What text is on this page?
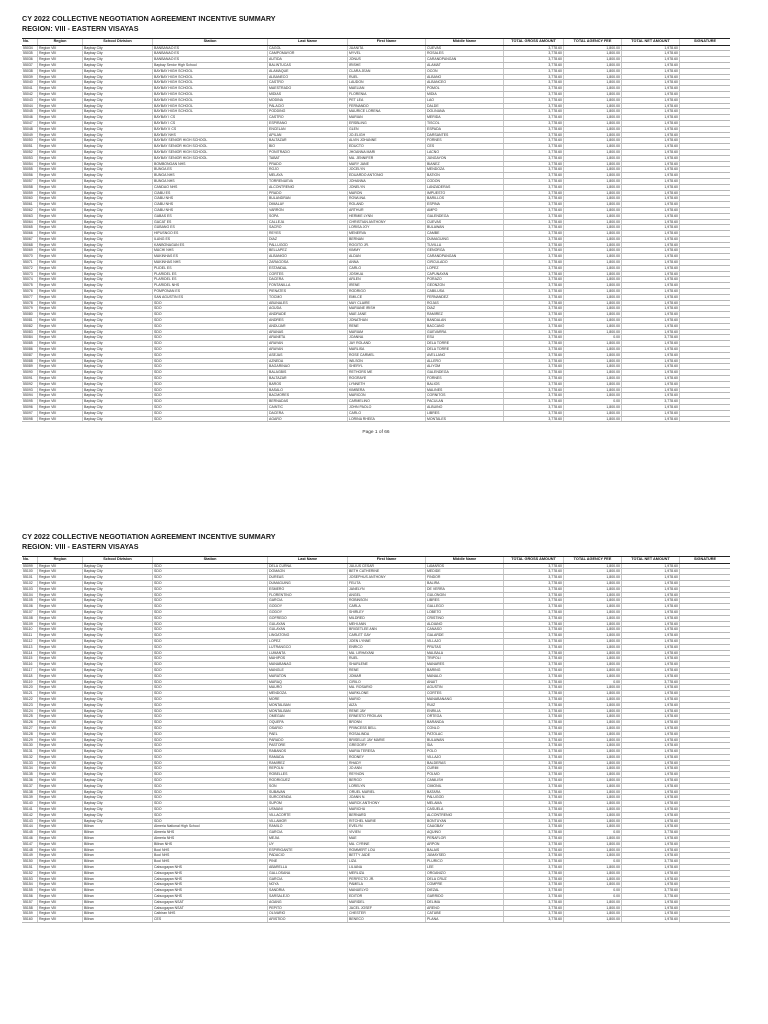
CY 2022 COLLECTIVE NEGOTIATION AGREEMENT INCENTIVE SUMMARY
REGION: VIII - EASTERN VISAYAS
No.	Region	School Division	Station	Last Name	First Name	Middle Name	TOTAL GROSS AMOUNT	TOTAL AGENCY FEE	TOTAL NET AMOUNT	SIGNATURE
55034	Region VIII	Baybay City	BANBANAO ES	CAGOL	JUANITA	CUEVAS	3,778.60	1,800.00	1,978.60
55035	Region VIII	Baybay City	BANBANAO ES	CAMPOMAYOR	MYVEL	ROSALES	3,778.60	1,800.00	1,978.60
55036	Region VIII	Baybay City	BANBANAO ES	AUTIDA	JONUS	CARANDPANGAN	3,778.60	1,800.00	1,978.60
55037	Region VIII	Baybay City	Baybay Senior High School	BALINTUCAS	IRISHE	ALAMAT	3,778.60	1,800.00	1,978.60
55038	Region VIII	Baybay City	BAYBAY HIGH SCHOOL	ALAMAQUE	CLARA JEAN	OCON	3,778.60	1,800.00	1,978.60
55039	Region VIII	Baybay City	BAYBAY HIGH SCHOOL	ALBANECO	RUEL	ALBANO	3,778.60	1,800.00	1,978.60
55040	Region VIII	Baybay City	BAYBAY HIGH SCHOOL	CASTRO	LAUDON	ALBANCEO	3,778.60	1,800.00	1,978.60
55041	Region VIII	Baybay City	BAYBAY HIGH SCHOOL	MAESTRADO	MAELIAN	POMOL	3,778.60	1,800.00	1,978.60
55042	Region VIII	Baybay City	BAYBAY HIGH SCHOOL	MIDIAS	FLORENIA	MIDIA	3,778.60	1,800.00	1,978.60
55043	Region VIII	Baybay City	BAYBAY HIGH SCHOOL	MODINA	PET LEA	LAO	3,778.60	1,800.00	1,978.60
55044	Region VIII	Baybay City	BAYBAY HIGH SCHOOL	PALACIO	FERNANDO	DALDE	3,778.60	1,800.00	1,978.60
55045	Region VIII	Baybay City	BAYBAY HIGH SCHOOL	PODDING	MAURICE LORENA	DOLINANA	3,778.60	1,800.00	1,978.60
55046	Region VIII	Baybay City	BAYBAY I CS	CASTRO	MARIAN	MERIDA	3,778.60	1,800.00	1,978.60
55047	Region VIII	Baybay City	BAYBAY I CS	ESPIRANO	ERSBLING	TISCOL	3,778.60	1,800.00	1,978.60
55048	Region VIII	Baybay City	BAYBAY II CS	ENCELAN	GLEN	ESPADA	3,778.60	1,800.00	1,978.60
55049	Region VIII	Baybay City	BAYBAY NHS	APILAN	JO-ELIGH	DARSANTES	3,778.60	1,800.00	1,978.60
55050	Region VIII	Baybay City	BAYBAY SENIOR HIGH SCHOOL	BALTAZAR	ALVIN JOHANNE	FORNES	3,778.60	1,800.00	1,978.60
55051	Region VIII	Baybay City	BAYBAY SENIOR HIGH SCHOOL	BIO	EDUCTO	CES	3,778.60	1,800.00	1,978.60
55052	Region VIII	Baybay City	BAYBAY SENIOR HIGH SCHOOL	PONITRADO	JHOANNA MARI	LACNO	3,778.60	1,800.00	1,978.60
55053	Region VIII	Baybay City	BAYBAY SENIOR HIGH SCHOOL	TABAT	MA. JENNIFER	JUNGAYON	3,778.60	1,800.00	1,978.60
55054	Region VIII	Baybay City	BOMBONGAN NHS	PRADO	MARY JANE	BIANEZ	3,778.60	1,800.00	1,978.60
55055	Region VIII	Baybay City	BUNGA ES	ROJO	JOCELYN	MENDOZA	3,778.60	1,800.00	1,978.60
55056	Region VIII	Baybay City	BUNGA NHS	MELAYA	EDUARDO ANTONIO	BATION	3,778.60	1,800.00	1,978.60
55057	Region VIII	Baybay City	BUNGA NHS	TORRENUEVA	JOHANNA	CODON	3,778.60	1,800.00	1,978.60
55058	Region VIII	Baybay City	CANDAO NHS	ALCONTRENIO	JONELYN	LANZADERAS	3,778.60	1,800.00	1,978.60
55059	Region VIII	Baybay City	CIABU ES	PRADO	MARON	IMPUESTO	3,778.60	1,800.00	1,978.60
55060	Region VIII	Baybay City	CIABU NHS	BULANDRAN	ROWLINA	BARILLOS	3,778.60	1,800.00	1,978.60
55061	Region VIII	Baybay City	CIABU NHS	DIMALAY	ROLAND	ESPINA	3,778.60	1,800.00	1,978.60
55062	Region VIII	Baybay City	CIABU NHS	VARRON	ARTHUR	AMPO	3,778.60	1,800.00	1,978.60
55063	Region VIII	Baybay City	GABAS ES	SOPA	HERMIE LYNN	GALENDEGA	3,778.60	1,800.00	1,978.60
55064	Region VIII	Baybay City	GACAT ES	CALLEJA	CHRISTIAN ANTHONY	CUEVAS	3,778.60	1,800.00	1,978.60
55065	Region VIII	Baybay City	GUBANG ES	SACRO	LORISA JOY	BULAWAN	3,778.60	1,800.00	1,978.60
55066	Region VIII	Baybay City	HIPUSNGO ES	REYES	MENERVA	CAMBE	3,778.60	1,800.00	1,978.60
55067	Region VIII	Baybay City	ILANG ES	DIAZ	BERNAN	DUMAGUING	3,778.60	1,800.00	1,978.60
55068	Region VIII	Baybay City	KANBONAGAN ES	PALLUGOD	ROGITO JR.	TUVILLA	3,778.60	1,800.00	1,978.60
55069	Region VIII	Baybay City	MACHI NHS	BELLAPEZ	KIMMY	GENORGA	3,778.60	1,800.00	1,978.60
55070	Region VIII	Baybay City	MAKINHAS ES	ALBANIGO	ALDAN	CARANDPANGAN	3,778.60	1,800.00	1,978.60
55071	Region VIII	Baybay City	MAKINHAS NHS	ZARAGOSA	ANNA	CIRCULADO	3,778.60	1,800.00	1,978.60
55072	Region VIII	Baybay City	PLIDEL ES	ESTANDAL	CARLO	LOPEZ	3,778.60	1,800.00	1,978.60
55073	Region VIII	Baybay City	PLARIDEL ES	CORTES	JOSHUA	CAPUNAYAN	3,778.60	1,800.00	1,978.60
55074	Region VIII	Baybay City	PLARIDEL ES	DACERA	ARLEN	PORAZO	3,778.60	1,800.00	1,978.60
55075	Region VIII	Baybay City	PLARIDEL NHS	FONTANILLA	IRENE	GEONZON	3,778.60	1,800.00	1,978.60
55076	Region VIII	Baybay City	POMPONAN ES	PIENATES	RODRIGO	CABILUSA	3,778.60	1,800.00	1,978.60
55077	Region VIII	Baybay City	SAN AGUSTIN ES	TOCMO	EMILCE	FERNANDEZ	3,778.60	1,800.00	1,978.60
55078	Region VIII	Baybay City	SDO	ABUNALES	MAY CLAIRE	ROJAS	3,778.60	1,800.00	1,978.60
55079	Region VIII	Baybay City	SDO	AGUDA	MARIANE IRISH	DIAZ	3,778.60	1,800.00	1,978.60
55080	Region VIII	Baybay City	SDO	ANDRADE	MAE JANE	RAMIREZ	3,778.60	1,800.00	1,978.60
55081	Region VIII	Baybay City	SDO	ANDRES	JONATHAN	BANDALAN	3,778.60	1,800.00	1,978.60
55082	Region VIII	Baybay City	SDO	ANDUJAR	RENE	BACCANO	3,778.60	1,800.00	1,978.60
55083	Region VIII	Baybay City	SDO	ARANAS	MARIAM	GUEVARRA	3,778.60	1,800.00	1,978.60
55084	Region VIII	Baybay City	SDO	ARANETA	JOANNA	ESU	3,778.60	0.00	3,778.60
55085	Region VIII	Baybay City	SDO	ARAYAN	JAY ROLAND	DELA TORRE	3,778.60	1,800.00	1,978.60
55086	Region VIII	Baybay City	SDO	ARAYAN	MARLISA	DELA TORRE	3,778.60	1,800.00	1,978.60
55087	Region VIII	Baybay City	SDO	ASEJAS	ROSE CARMEL	AVELLANO	3,778.60	1,800.00	1,978.60
55088	Region VIII	Baybay City	SDO	AZNEDA	WILSON	ALLERO	3,778.60	1,800.00	1,978.60
55089	Region VIII	Baybay City	SDO	BAGARINAO	SHERYL	ALIYOM	3,778.60	1,800.00	1,978.60
55090	Region VIII	Baybay City	SDO	BALAGBIS	RETHORS ME	GALENDEGA	3,778.60	1,800.00	1,978.60
55091	Region VIII	Baybay City	SDO	BALTAZAR	ROGRAYE	FORNES	3,778.60	1,800.00	1,978.60
55092	Region VIII	Baybay City	SDO	BAROS	LYNNETH	BALIOS	3,778.60	1,800.00	1,978.60
55093	Region VIII	Baybay City	SDO	BASALO	KIMBERA	MALINES	3,778.60	1,800.00	1,978.60
55094	Region VIII	Baybay City	SDO	BACMORES	MARICON	CORNITOS	3,778.60	1,800.00	1,978.60
55095	Region VIII	Baybay City	SDO	BERNADAS	CARMELINO	PACULAN	3,778.60	0.00	3,778.60
55096	Region VIII	Baybay City	SDO	CAINTIC	JOHN PAOLO	ALBUINO	3,778.60	1,800.00	1,978.60
55097	Region VIII	Baybay City	SDO	DACERA	CARLO	LIBRES	3,778.60	1,800.00	1,978.60
55098	Region VIII	Baybay City	SDO	AGARO	LORINA RHEEA	MONTALES	3,778.60	1,800.00	1,978.60
Page 1 of 66
CY 2022 COLLECTIVE NEGOTIATION AGREEMENT INCENTIVE SUMMARY
REGION: VIII - EASTERN VISAYAS
No.	Region	School Division	Station	Last Name	First Name	Middle Name	TOTAL GROSS AMOUNT	TOTAL AGENCY FEE	TOTAL NET AMOUNT	SIGNATURE
55099	Region VIII	Baybay City	SDO	DELA CURNA	JULIUS CESAR	LAMAROS	3,778.60	1,800.00	1,978.60
55100	Region VIII	Baybay City	SDO	DOMAON	BETH CATHERINE	MEDIDE	3,778.60	1,800.00	1,978.60
55101	Region VIII	Baybay City	SDO	DUREAS	JOSEPHUS ANTHONY	FINDOR	3,778.60	1,800.00	1,978.60
55102	Region VIII	Baybay City	SDO	DUMAGUING	FELITA	BALIRA	3,778.60	1,800.00	1,978.60
55103	Region VIII	Baybay City	SDO	ESMERO	JANELYN	DE VERRA	3,778.60	1,800.00	1,978.60
55104	Region VIII	Baybay City	SDO	FLORENTINO	ANGEL	GULONGIN	3,778.60	1,800.00	1,978.60
55105	Region VIII	Baybay City	SDO	GARCIA	ROBINSON	LIBRES	3,778.60	1,800.00	1,978.60
55106	Region VIII	Baybay City	SDO	GODOY	CARLA	GALLEGO	3,778.60	1,800.00	1,978.60
55107	Region VIII	Baybay City	SDO	GODOY	SHIRLEY	LOBETO	3,778.60	1,800.00	1,978.60
55108	Region VIII	Baybay City	SDO	GOFREDO	MILDRED	CRISTINO	3,778.60	1,800.00	1,978.60
55109	Region VIII	Baybay City	SDO	GULAYAN	MEHI ANN	ALDIANO	3,778.60	1,800.00	1,978.60
55110	Region VIII	Baybay City	SDO	GULAYAN	BRIGETLEE ANN	CANASO	3,778.60	1,800.00	1,978.60
55111	Region VIII	Baybay City	SDO	LINGATONG	CARLET GAY	GALARDE	3,778.60	1,800.00	1,978.60
55112	Region VIII	Baybay City	SDO	LOPEZ	JOEN LYNNE	VILLAJO	3,778.60	1,800.00	1,978.60
55113	Region VIII	Baybay City	SDO	LUTRANGCO	ENRICO	PRUTAS	3,778.60	1,800.00	1,978.60
55114	Region VIII	Baybay City	SDO	LUMANTA	MA. LIRHAYANI	MALBALA	3,778.60	1,800.00	1,978.60
55115	Region VIII	Baybay City	SDO	MAHIPOS	RUEL	TRIPOLI	3,778.60	1,800.00	1,978.60
55116	Region VIII	Baybay City	SDO	MANABANAG	SHARLENE	MANARES	3,778.60	1,800.00	1,978.60
55117	Region VIII	Baybay City	SDO	MANGLE	RENE	BARING	3,778.60	1,800.00	1,978.60
55118	Region VIII	Baybay City	SDO	MARATON	JOMAR	MANALO	3,778.60	1,800.00	1,978.60
55119	Region VIII	Baybay City	SDO	MARAQ	CIRILO	ANAIT	3,778.60	0.00	3,778.60
55120	Region VIII	Baybay City	SDO	MAURO	MA. ROSARIO	AGUSTIN	3,778.60	1,800.00	1,978.60
55121	Region VIII	Baybay City	SDO	MENDOZA	MARKLONE	CORTES	3,778.60	1,800.00	1,978.60
55122	Region VIII	Baybay City	SDO	MORE	MARIO	MANABANANG	3,778.60	1,800.00	1,978.60
55123	Region VIII	Baybay City	SDO	MONTALBAN	AIZA	RUIZ	3,778.60	1,800.00	1,978.60
55124	Region VIII	Baybay City	SDO	MONTALBAN	RENE JAY	ENRILIA	3,778.60	1,800.00	1,978.60
55125	Region VIII	Baybay City	SDO	OMEGAN	ERNESTO FROILAN	ORTEGA	3,778.60	1,800.00	1,978.60
55126	Region VIII	Baybay City	SDO	OQUEPA	BRONN	BARANDA	3,778.60	1,800.00	1,978.60
55127	Region VIII	Baybay City	SDO	OSARIO	PRINCESS BELL	CONLO	3,778.60	1,800.00	1,978.60
55128	Region VIII	Baybay City	SDO	PAEL	ROSALINDA	PATOLAC	3,778.60	1,800.00	1,978.60
55129	Region VIII	Baybay City	SDO	PARADO	BRISELLE JAY MARIE	BULAWAN	3,778.60	1,800.00	1,978.60
55130	Region VIII	Baybay City	SDO	PASTORE	GREGORY	SIA	3,778.60	1,800.00	1,978.60
55131	Region VIII	Baybay City	SDO	RABANOS	MARIA TERESA	POLO	3,778.60	1,800.00	1,978.60
55132	Region VIII	Baybay City	SDO	RAMADA	RODNEY	VILLAJO	3,778.60	1,800.00	1,978.60
55133	Region VIII	Baybay City	SDO	RAMIREZ	RHADY	BALDERAS	3,778.60	1,800.00	1,978.60
55134	Region VIII	Baybay City	SDO	REPOLN	JO ANN	CURIM	3,778.60	1,800.00	1,978.60
55135	Region VIII	Baybay City	SDO	ROBELLES	REYNON	POLMO	3,778.60	1,800.00	1,978.60
55136	Region VIII	Baybay City	SDO	RODRIGUEZ	BERGO	CANILISH	3,778.60	1,800.00	1,978.60
55137	Region VIII	Baybay City	SDO	SON	LORELYN	CIMONIL	3,778.60	1,800.00	1,978.60
55138	Region VIII	Baybay City	SDO	SUBAVAN	ORUEL MARIEL	BATARA	3,778.60	1,800.00	1,978.60
55139	Region VIII	Baybay City	SDO	SURCOENDA	JOANN N.	PALUGOD	3,778.60	1,800.00	1,978.60
55140	Region VIII	Baybay City	SDO	SUPOM	MARCK ANTHONY	MELAMA	3,778.60	1,800.00	1,978.60
55141	Region VIII	Baybay City	SDO	USMANI	MARICHU	CASUELA	3,778.60	1,800.00	1,978.60
55142	Region VIII	Baybay City	SDO	VILLACORTE	BERNARD	ALCONTRENIO	3,778.60	1,800.00	1,978.60
55143	Region VIII	Baybay City	SDO	VILLAMOR	RITCHEL MARIE	BONTUYAN	3,778.60	1,800.00	1,978.60
55144	Region VIII	Biliran	Almeria National High School	RAMILO	EVELYN	CAAGBAY	3,778.60	1,800.00	1,978.60
55145	Region VIII	Biliran	Almeria NHS	GARCIA	VIVIEN	AQUINO	3,778.60	0.00	3,778.60
55146	Region VIII	Biliran	Almeria NHS	MEJIA	MAE	PEÑAFLOR	3,778.60	1,800.00	1,978.60
55147	Region VIII	Biliran	Biliran NHS	UY	MA. CYRINE	ARPON	3,778.60	1,800.00	1,978.60
55148	Region VIII	Biliran	Bool NHS	ESPIRIGANTE	ROMMERT LOU	BALAIS	3,778.60	1,800.00	1,978.60
55149	Region VIII	Biliran	Bool NHS	PADACIO	BETTY JADE	JUMAYSED	3,778.60	1,800.00	1,978.60
55150	Region VIII	Biliran	Bool NHS	PINE	LIZA	PLURICO	3,778.60	0.00	3,778.60
55151	Region VIII	Biliran	Cabucgayan NHS	ABARELLA	LILIANA	LEE	3,778.60	1,800.00	1,978.60
55152	Region VIII	Biliran	Cabucgayan NHS	GALLOSANA	MERLIZA	ORGANIZO	3,778.60	1,800.00	1,978.60
55153	Region VIII	Biliran	Cabucgayan NHS	GARCIA	PERFECTO JR.	DELA CRUZ	3,778.60	1,800.00	1,978.60
55154	Region VIII	Biliran	Cabucgayan NHS	NOYA	PAMELA	COMPRE	3,778.60	1,800.00	1,978.60
55155	Region VIII	Biliran	Cabucgayan NHS	SANDRIA	MANUELYO	DIEZAL	3,778.60	0.00	3,778.60
55156	Region VIII	Biliran	Cabucgayan NHS	SARSALEJO	EDITOR	GARRIDO	3,778.60	0.00	3,778.60
55157	Region VIII	Biliran	Cabucgayan NSAT	AGANG	MARIDEL	DELIMA	3,778.60	1,800.00	1,978.60
55158	Region VIII	Biliran	Cabucgayan NSAT	PEPITO	JACEL JOSEF	ARENO	3,778.60	1,800.00	1,978.60
55159	Region VIII	Biliran	Caibiran NHS	OLIVARIO	CHESTER	CATUBE	3,778.60	1,800.00	1,978.60
55160	Region VIII	Biliran	CES	ARISTIDO	BENECO	PLANA	3,778.60	1,800.00	1,978.60
